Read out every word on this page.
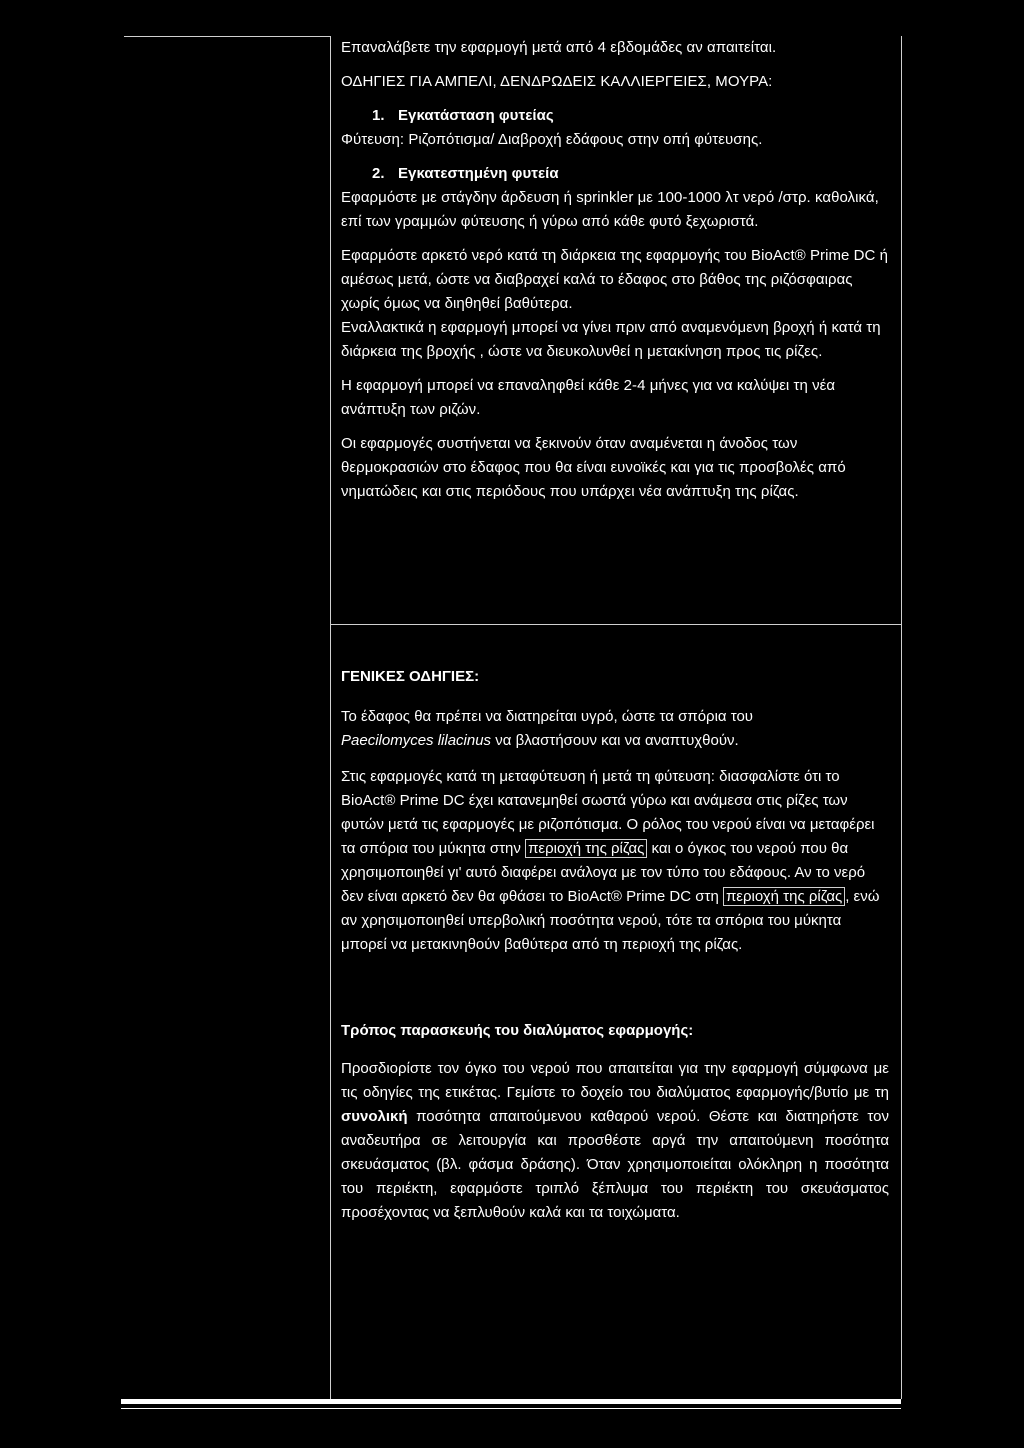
Επαναλάβετε την εφαρμογή μετά από 4 εβδομάδες αν απαιτείται.

ΟΔΗΓΙΕΣ ΓΙΑ ΑΜΠΕΛΙ, ΔΕΝΔΡΩΔΕΙΣ ΚΑΛΛΙΕΡΓΕΙΕΣ, ΜΟΥΡΑ:

1. Εγκατάσταση φυτείας

Φύτευση: Ριζοπότισμα/ Διαβροχή εδάφους στην οπή φύτευσης.

2. Εγκατεστημένη φυτεία

Εφαρμόστε με στάγδην άρδευση ή sprinkler με 100-1000 λτ νερό /στρ. καθολικά, επί των γραμμών φύτευσης ή γύρω από κάθε φυτό ξεχωριστά.

Εφαρμόστε αρκετό νερό κατά τη διάρκεια της εφαρμογής του BioAct® Prime DC ή αμέσως μετά, ώστε να διαβραχεί καλά το έδαφος στο βάθος της ριζόσφαιρας χωρίς όμως να διηθηθεί βαθύτερα.

Εναλλακτικά η εφαρμογή μπορεί να γίνει πριν από αναμενόμενη βροχή ή κατά τη διάρκεια της βροχής , ώστε να διευκολυνθεί η μετακίνηση προς τις ρίζες.

Η εφαρμογή μπορεί να επαναληφθεί κάθε 2-4 μήνες για να καλύψει τη νέα ανάπτυξη των ριζών.

Οι εφαρμογές συστήνεται να ξεκινούν όταν αναμένεται η άνοδος των θερμοκρασιών στο έδαφος που θα είναι ευνοϊκές και για τις προσβολές από νηματώδεις και στις περιόδους που υπάρχει νέα ανάπτυξη της ρίζας.

ΓΕΝΙΚΕΣ ΟΔΗΓΙΕΣ:

Το έδαφος θα πρέπει να διατηρείται υγρό, ώστε τα σπόρια του
Paecilomyces lilacinus να βλαστήσουν και να αναπτυχθούν.

Στις εφαρμογές κατά τη μεταφύτευση ή μετά τη φύτευση: διασφαλίστε ότι το BioAct® Prime DC έχει κατανεμηθεί σωστά γύρω και ανάμεσα στις ρίζες των φυτών μετά τις εφαρμογές με ριζοπότισμα. Ο ρόλος του νερού είναι να μεταφέρει τα σπόρια του μύκητα στην περιοχή της ρίζας και ο όγκος του νερού που θα χρησιμοποιηθεί γι' αυτό διαφέρει ανάλογα με τον τύπο του εδάφους. Αν το νερό δεν είναι αρκετό δεν θα φθάσει το BioAct® Prime DC στη περιοχή της ρίζας , ενώ αν χρησιμοποιηθεί υπερβολική ποσότητα νερού, τότε τα σπόρια του μύκητα μπορεί να μετακινηθούν βαθύτερα από τη περιοχή της ρίζας.

Τρόπος παρασκευής του διαλύματος εφαρμογής:

Προσδιορίστε τον όγκο του νερού που απαιτείται για την εφαρμογή σύμφωνα με τις οδηγίες της ετικέτας. Γεμίστε το δοχείο του διαλύματος εφαρμογής/βυτίο με τη συνολική ποσότητα απαιτούμενου καθαρού νερού. Θέστε και διατηρήστε τον αναδευτήρα σε λειτουργία και προσθέστε αργά την απαιτούμενη ποσότητα σκευάσματος (βλ. φάσμα δράσης). Όταν χρησιμοποιείται ολόκληρη η ποσότητα του περιέκτη, εφαρμόστε τριπλό ξέπλυμα του περιέκτη του σκευάσματος προσέχοντας να ξεπλυθούν καλά και τα τοιχώματα.
